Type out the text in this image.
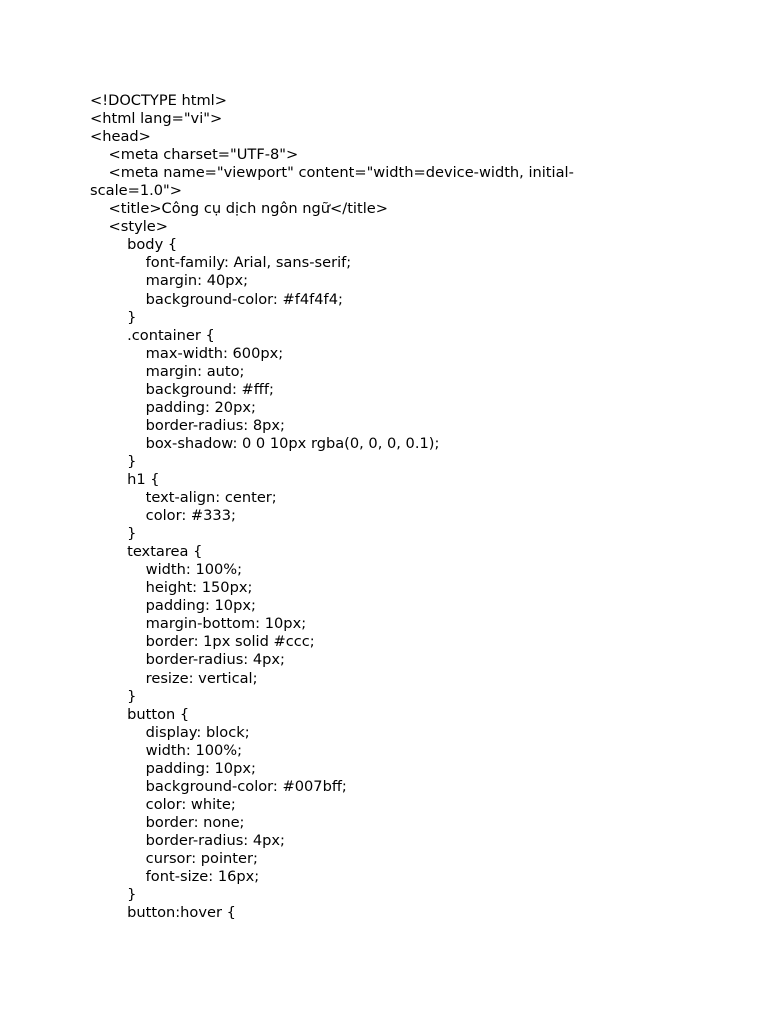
<!DOCTYPE html>
<html lang="vi">
<head>
<meta charset="UTF-8">
<meta name="viewport" content="width=device-width, initial-
scale=1.0">
<title>Công cụ dịch ngôn ngữ</title>
<style>
body {
font-family: Arial, sans-serif;
margin: 40px;
background-color: #f4f4f4;
}
.container {
max-width: 600px;
margin: auto;
background: #fff;
padding: 20px;
border-radius: 8px;
box-shadow: 0 0 10px rgba(0, 0, 0, 0.1);
}
h1 {
text-align: center;
color: #333;
}
textarea {
width: 100%;
height: 150px;
padding: 10px;
margin-bottom: 10px;
border: 1px solid #ccc;
border-radius: 4px;
resize: vertical;
}
button {
display: block;
width: 100%;
padding: 10px;
background-color: #007bff;
color: white;
border: none;
border-radius: 4px;
cursor: pointer;
font-size: 16px;
}
button:hover {
